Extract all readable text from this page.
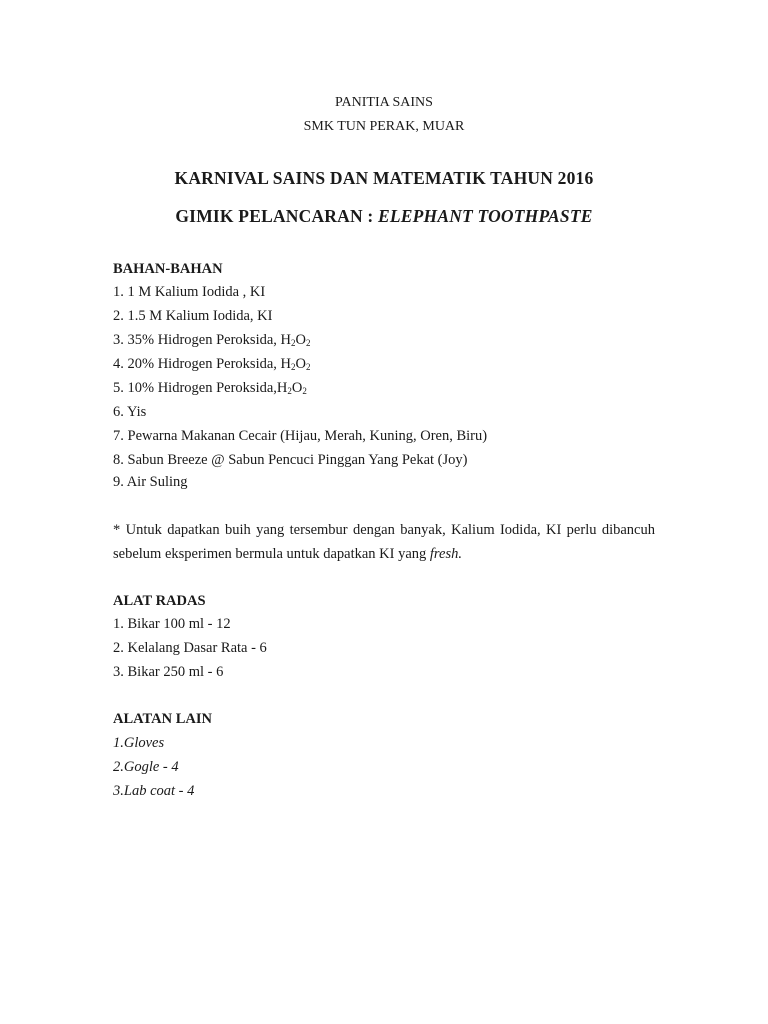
PANITIA SAINS
SMK TUN PERAK, MUAR
KARNIVAL SAINS DAN MATEMATIK TAHUN 2016
GIMIK PELANCARAN : ELEPHANT TOOTHPASTE
BAHAN-BAHAN
1. 1 M Kalium Iodida , KI
2. 1.5 M Kalium Iodida, KI
3. 35% Hidrogen Peroksida, $H_2O_2$
4. 20% Hidrogen Peroksida, $H_2O_2$
5. 10% Hidrogen $Peroksida,H_2O_2$
6. Yis
7. Pewarna Makanan Cecair (Hijau, Merah, Kuning, Oren, Biru)
8. Sabun Breeze @ Sabun Pencuci Pinggan Yang Pekat (Joy)
9. Air Suling
* Untuk dapatkan buih yang tersembur dengan banyak, Kalium Iodida, KI perlu dibancuh sebelum eksperimen bermula untuk dapatkan KI yang fresh.
ALAT RADAS
1. Bikar 100 ml - 12
2. Kelalang Dasar Rata - 6
3. Bikar 250 ml - 6
ALATAN LAIN
1.Gloves
2.Gogle - 4
3.Lab coat - 4
